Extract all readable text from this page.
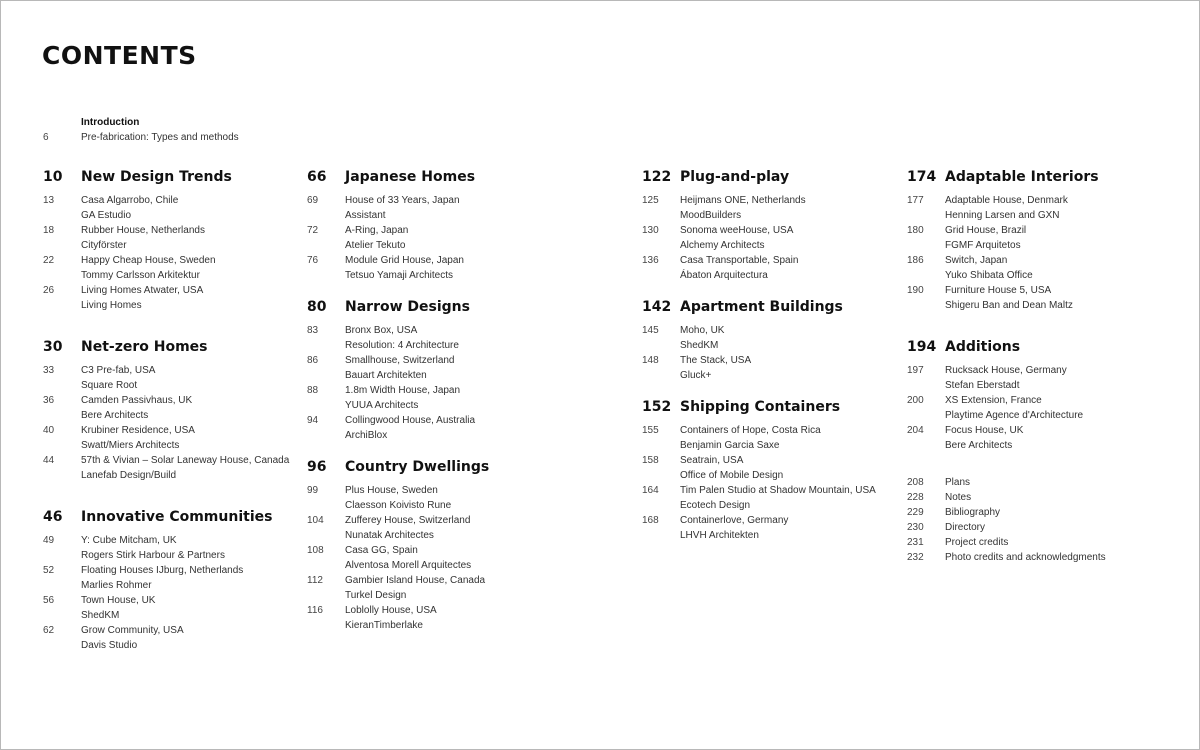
CONTENTS
Introduction
6	Pre-fabrication: Types and methods
10	New Design Trends
13	Casa Algarrobo, Chile
GA Estudio
18	Rubber House, Netherlands
Cityförster
22	Happy Cheap House, Sweden
Tommy Carlsson Arkitektur
26	Living Homes Atwater, USA
Living Homes
30	Net-zero Homes
33	C3 Pre-fab, USA
Square Root
36	Camden Passivhaus, UK
Bere Architects
40	Krubiner Residence, USA
Swatt/Miers Architects
44	57th & Vivian – Solar Laneway House, Canada
Lanefab Design/Build
46	Innovative Communities
49	Y: Cube Mitcham, UK
Rogers Stirk Harbour & Partners
52	Floating Houses IJburg, Netherlands
Marlies Rohmer
56	Town House, UK
ShedKM
62	Grow Community, USA
Davis Studio
66	Japanese Homes
69	House of 33 Years, Japan
Assistant
72	A-Ring, Japan
Atelier Tekuto
76	Module Grid House, Japan
Tetsuo Yamaji Architects
80	Narrow Designs
83	Bronx Box, USA
Resolution: 4 Architecture
86	Smallhouse, Switzerland
Bauart Architekten
88	1.8m Width House, Japan
YUUA Architects
94	Collingwood House, Australia
ArchiBlox
96	Country Dwellings
99	Plus House, Sweden
Claesson Koivisto Rune
104	Zufferey House, Switzerland
Nunatak Architectes
108	Casa GG, Spain
Alventosa Morell Arquitectes
112	Gambier Island House, Canada
Turkel Design
116	Loblolly House, USA
KieranTimberlake
122 Plug-and-play
125	Heijmans ONE, Netherlands
MoodBuilders
130	Sonoma weeHouse, USA
Alchemy Architects
136	Casa Transportable, Spain
Ábaton Arquitectura
142 Apartment Buildings
145	Moho, UK
ShedKM
148	The Stack, USA
Gluck+
152 Shipping Containers
155	Containers of Hope, Costa Rica
Benjamin Garcia Saxe
158	Seatrain, USA
Office of Mobile Design
164	Tim Palen Studio at Shadow Mountain, USA
Ecotech Design
168	Containerlove, Germany
LHVH Architekten
174 Adaptable Interiors
177	Adaptable House, Denmark
Henning Larsen and GXN
180	Grid House, Brazil
FGMF Arquitetos
186	Switch, Japan
Yuko Shibata Office
190	Furniture House 5, USA
Shigeru Ban and Dean Maltz
194 Additions
197	Rucksack House, Germany
Stefan Eberstadt
200	XS Extension, France
Playtime Agence d'Architecture
204	Focus House, UK
Bere Architects
208	Plans
228	Notes
229	Bibliography
230	Directory
231	Project credits
232	Photo credits and acknowledgments
